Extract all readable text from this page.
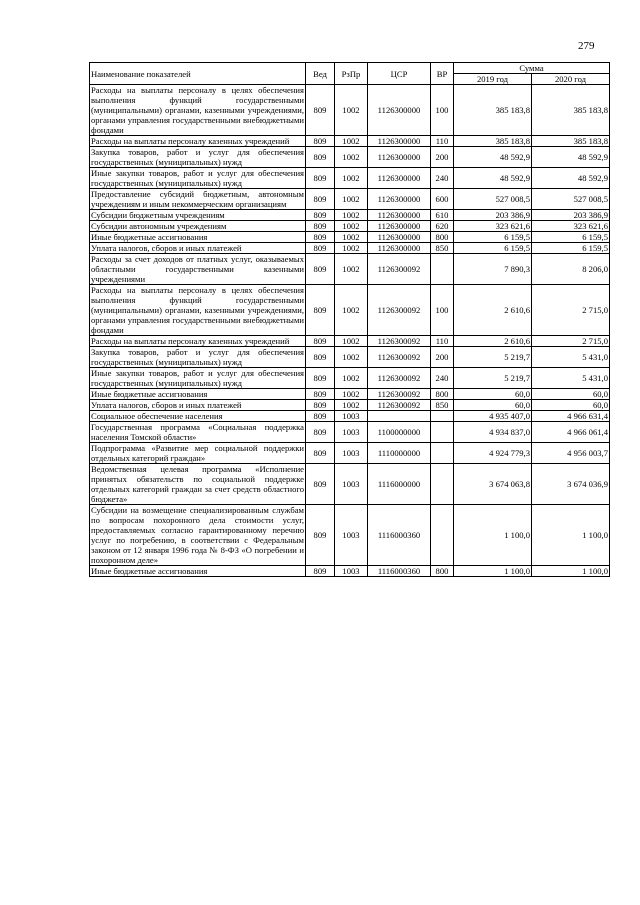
279
Наименование показателей	Вед	РзПр	ЦСР	ВР	Сумма	
					2019 год	2020 год
Расходы на выплаты персоналу в целях обеспечения выполнения функций государственными (муниципальными) органами, казенными учреждениями, органами управления государственными внебюджетными фондами	809	1002	1126300000	100	385 183,8	385 183,8
Расходы на выплаты персоналу казенных учреждений	809	1002	1126300000	110	385 183,8	385 183,8
Закупка товаров, работ и услуг для обеспечения государственных (муниципальных) нужд	809	1002	1126300000	200	48 592,9	48 592,9
Иные закупки товаров, работ и услуг для обеспечения государственных (муниципальных) нужд	809	1002	1126300000	240	48 592,9	48 592,9
Предоставление субсидий бюджетным, автономным учреждениям и иным некоммерческим организациям	809	1002	1126300000	600	527 008,5	527 008,5
Субсидии бюджетным учреждениям	809	1002	1126300000	610	203 386,9	203 386,9
Субсидии автономным учреждениям	809	1002	1126300000	620	323 621,6	323 621,6
Иные бюджетные ассигнования	809	1002	1126300000	800	6 159,5	6 159,5
Уплата налогов, сборов и иных платежей	809	1002	1126300000	850	6 159,5	6 159,5
Расходы за счет доходов от платных услуг, оказываемых областными государственными казенными учреждениями	809	1002	1126300092		7 890,3	8 206,0
Расходы на выплаты персоналу в целях обеспечения выполнения функций государственными (муниципальными) органами, казенными учреждениями, органами управления государственными внебюджетными фондами	809	1002	1126300092	100	2 610,6	2 715,0
Расходы на выплаты персоналу казенных учреждений	809	1002	1126300092	110	2 610,6	2 715,0
Закупка товаров, работ и услуг для обеспечения государственных (муниципальных) нужд	809	1002	1126300092	200	5 219,7	5 431,0
Иные закупки товаров, работ и услуг для обеспечения государственных (муниципальных) нужд	809	1002	1126300092	240	5 219,7	5 431,0
Иные бюджетные ассигнования	809	1002	1126300092	800	60,0	60,0
Уплата налогов, сборов и иных платежей	809	1002	1126300092	850	60,0	60,0
Социальное обеспечение населения	809	1003			4 935 407,0	4 966 631,4
Государственная программа «Социальная поддержка населения Томской области»	809	1003	1100000000		4 934 837,0	4 966 061,4
Подпрограмма «Развитие мер социальной поддержки отдельных категорий граждан»	809	1003	1110000000		4 924 779,3	4 956 003,7
Ведомственная целевая программа «Исполнение принятых обязательств по социальной поддержке отдельных категорий граждан за счет средств областного бюджета»	809	1003	1116000000		3 674 063,8	3 674 036,9
Субсидии на возмещение специализированным службам по вопросам похоронного дела стоимости услуг, предоставляемых согласно гарантированному перечню услуг по погребению, в соответствии с Федеральным законом от 12 января 1996 года № 8-ФЗ «О погребении и похоронном деле»	809	1003	1116000360		1 100,0	1 100,0
Иные бюджетные ассигнования	809	1003	1116000360	800	1 100,0	1 100,0
